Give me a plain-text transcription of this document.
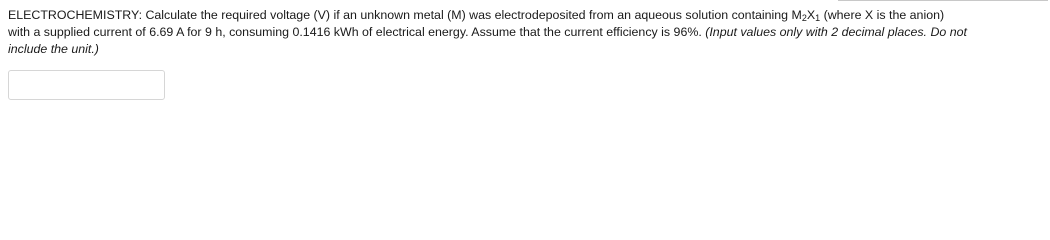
ELECTROCHEMISTRY: Calculate the required voltage (V) if an unknown metal (M) was electrodeposited from an aqueous solution containing $M_2X_1$ (where X is the anion)

with a supplied current of 6.69 A for 9 h, consuming 0.1416 kWh of electrical energy. Assume that the current efficiency is 96%. (Input values only with 2 decimal places. Do not

include the unit.)
